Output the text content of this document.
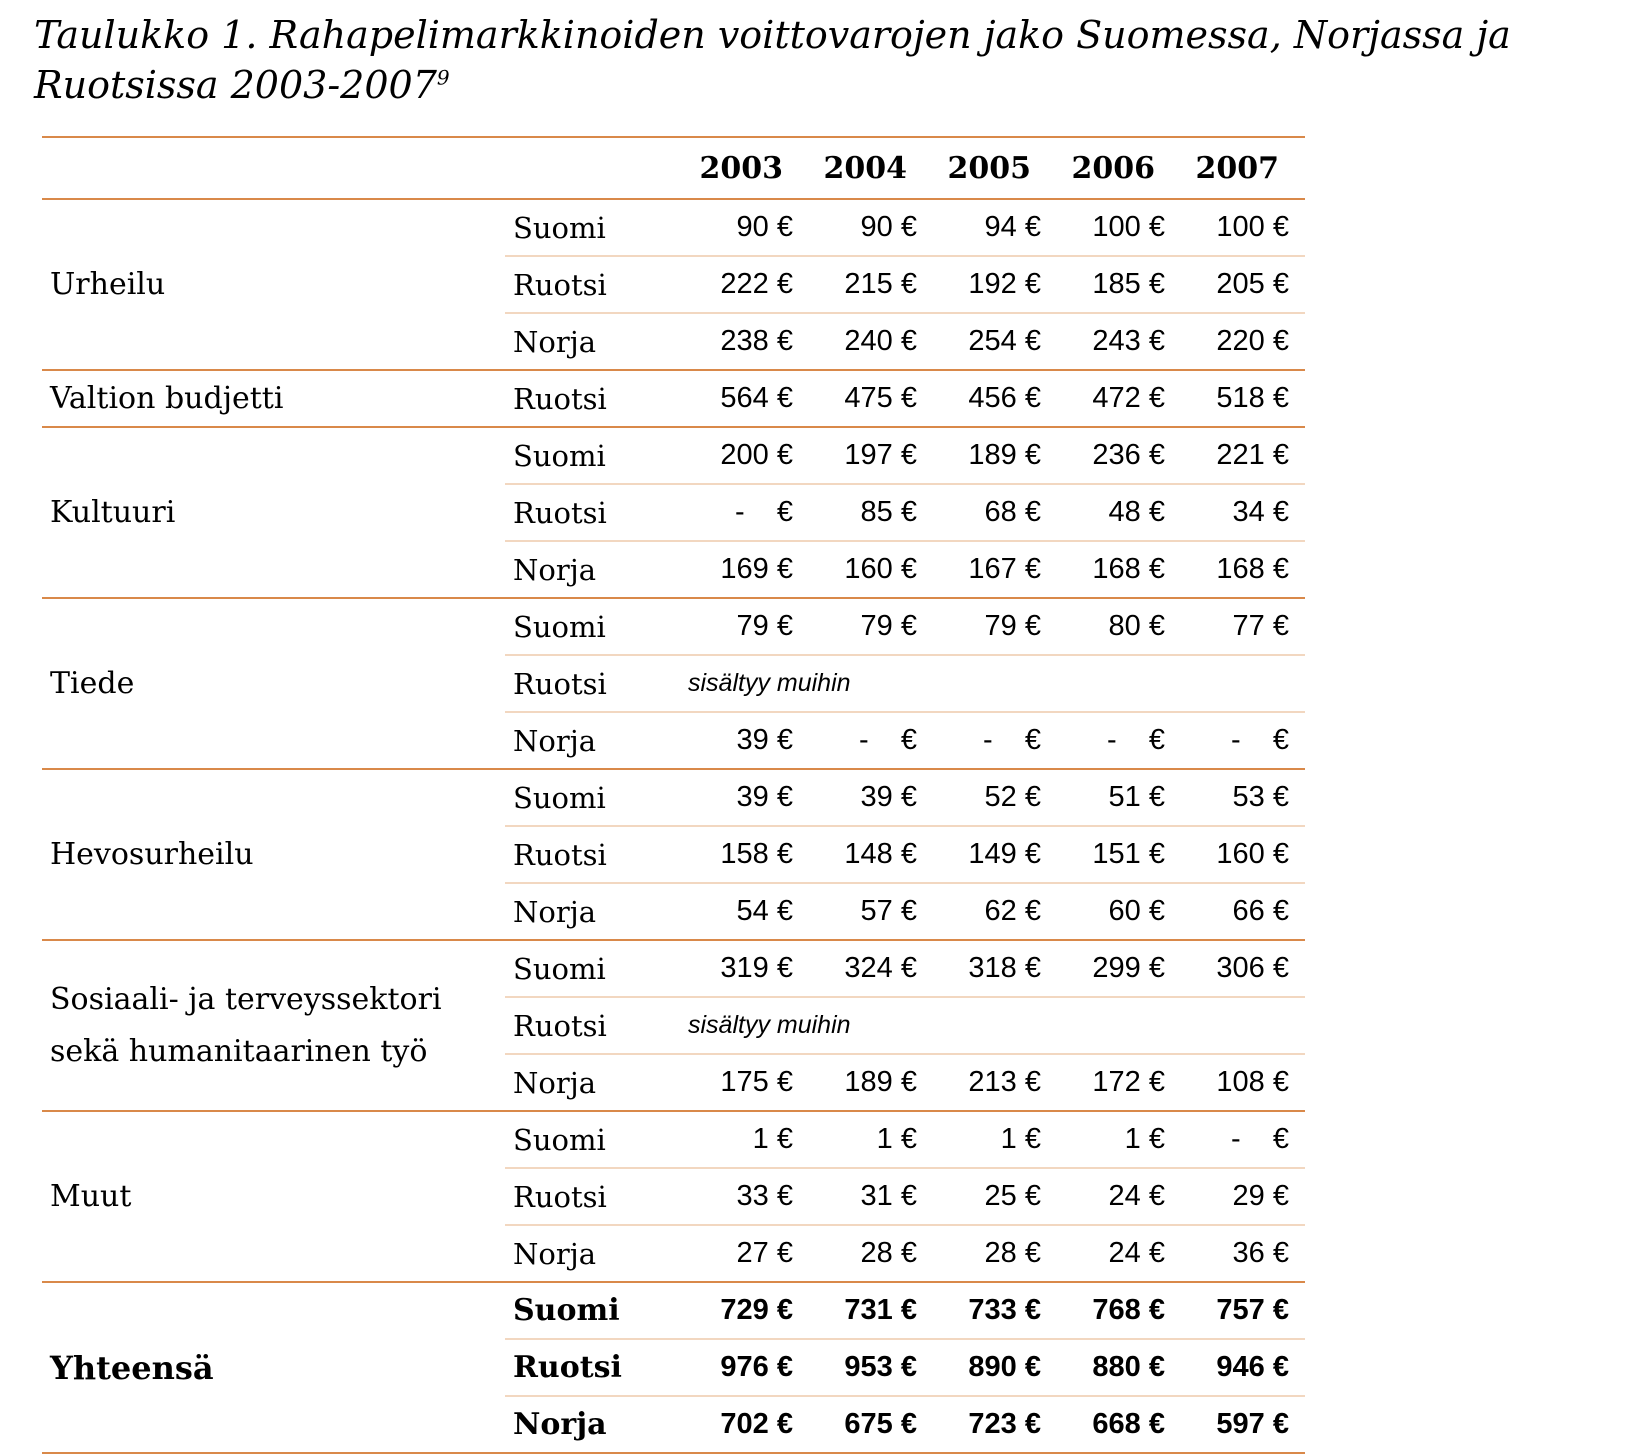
Taulukko 1. Rahapelimarkkinoiden voittovarojen jako Suomessa, Norjassa ja Ruotsissa 2003-2007$^9$
		2003	2004	2005	2006	2007
Urheilu	Suomi	90 €	90 €	94 €	100 €	100 €
	Ruotsi	222 €	215 €	192 €	185 €	205 €
	Norja	238 €	240 €	254 €	243 €	220 €
Valtion budjetti	Ruotsi	564 €	475 €	456 €	472 €	518 €
Kultuuri	Suomi	200 €	197 €	189 €	236 €	221 €
	Ruotsi	-    €	85 €	68 €	48 €	34 €
	Norja	169 €	160 €	167 €	168 €	168 €
Tiede	Suomi	79 €	79 €	79 €	80 €	77 €
	Ruotsi	sisältyy muihin				
	Norja	39 €	-    €	-    €	-    €	-    €
Hevosurheilu	Suomi	39 €	39 €	52 €	51 €	53 €
	Ruotsi	158 €	148 €	149 €	151 €	160 €
	Norja	54 €	57 €	62 €	60 €	66 €
Sosiaali- ja terveyssektori sekä humanitaarinen työ	Suomi	319 €	324 €	318 €	299 €	306 €
	Ruotsi	sisältyy muihin				
	Norja	175 €	189 €	213 €	172 €	108 €
Muut	Suomi	1 €	1 €	1 €	1 €	-    €
	Ruotsi	33 €	31 €	25 €	24 €	29 €
	Norja	27 €	28 €	28 €	24 €	36 €
Yhteensä	Suomi	729 €	731 €	733 €	768 €	757 €
	Ruotsi	976 €	953 €	890 €	880 €	946 €
	Norja	702 €	675 €	723 €	668 €	597 €
